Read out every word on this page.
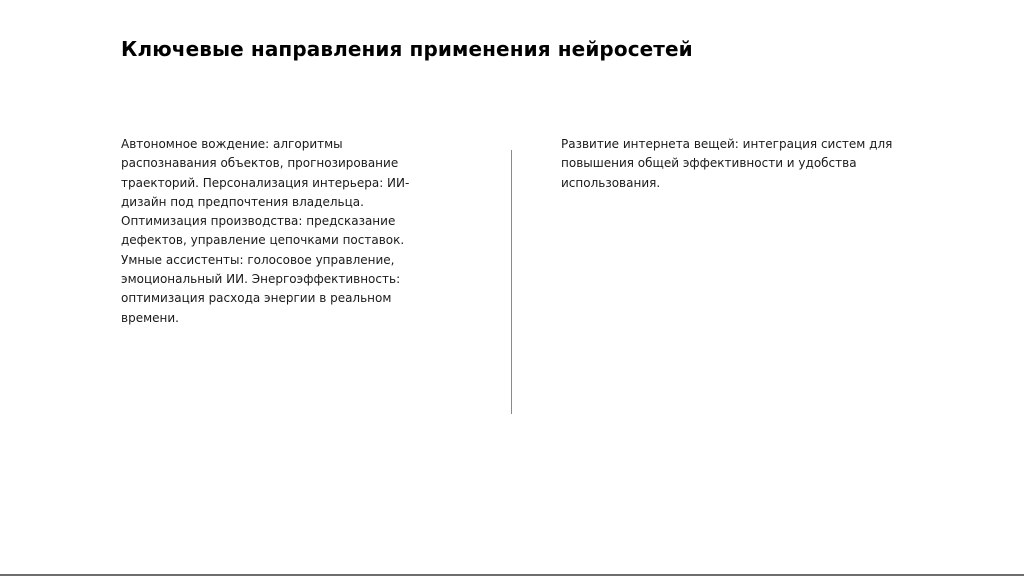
Ключевые направления применения нейросетей

Автономное вождение: алгоритмы распознавания объектов, прогнозирование траекторий. Персонализация интерьера: ИИ-дизайн под предпочтения владельца. Оптимизация производства: предсказание дефектов, управление цепочками поставок. Умные ассистенты: голосовое управление, эмоциональный ИИ. Энергоэффективность: оптимизация расхода энергии в реальном времени.

Развитие интернета вещей: интеграция систем для повышения общей эффективности и удобства использования.
